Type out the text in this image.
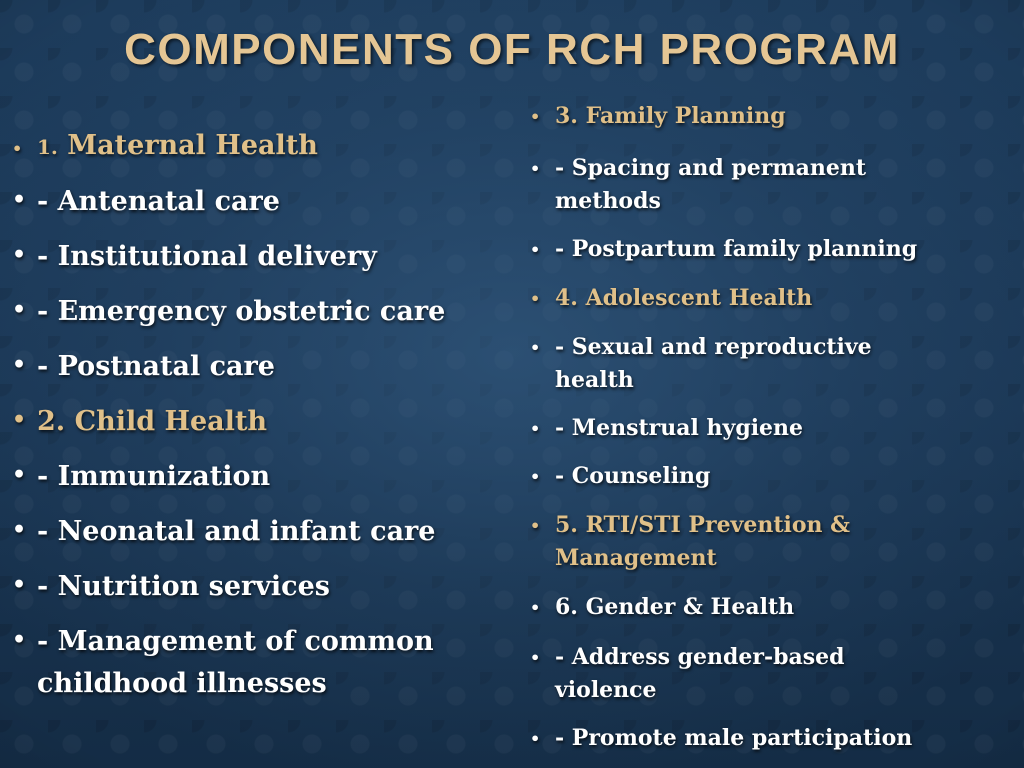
COMPONENTS OF RCH PROGRAM
• 1. Maternal Health
• - Antenatal care
• - Institutional delivery
• - Emergency obstetric care
• - Postnatal care
• 2. Child Health
• - Immunization
• - Neonatal and infant care
• - Nutrition services
• - Management of common
childhood illnesses
• 3. Family Planning
• - Spacing and permanent
methods
• - Postpartum family planning
• 4. Adolescent Health
• - Sexual and reproductive
health
• - Menstrual hygiene
• - Counseling
• 5. RTI/STI Prevention &
Management
• 6. Gender & Health
• - Address gender-based
violence
• - Promote male participation
